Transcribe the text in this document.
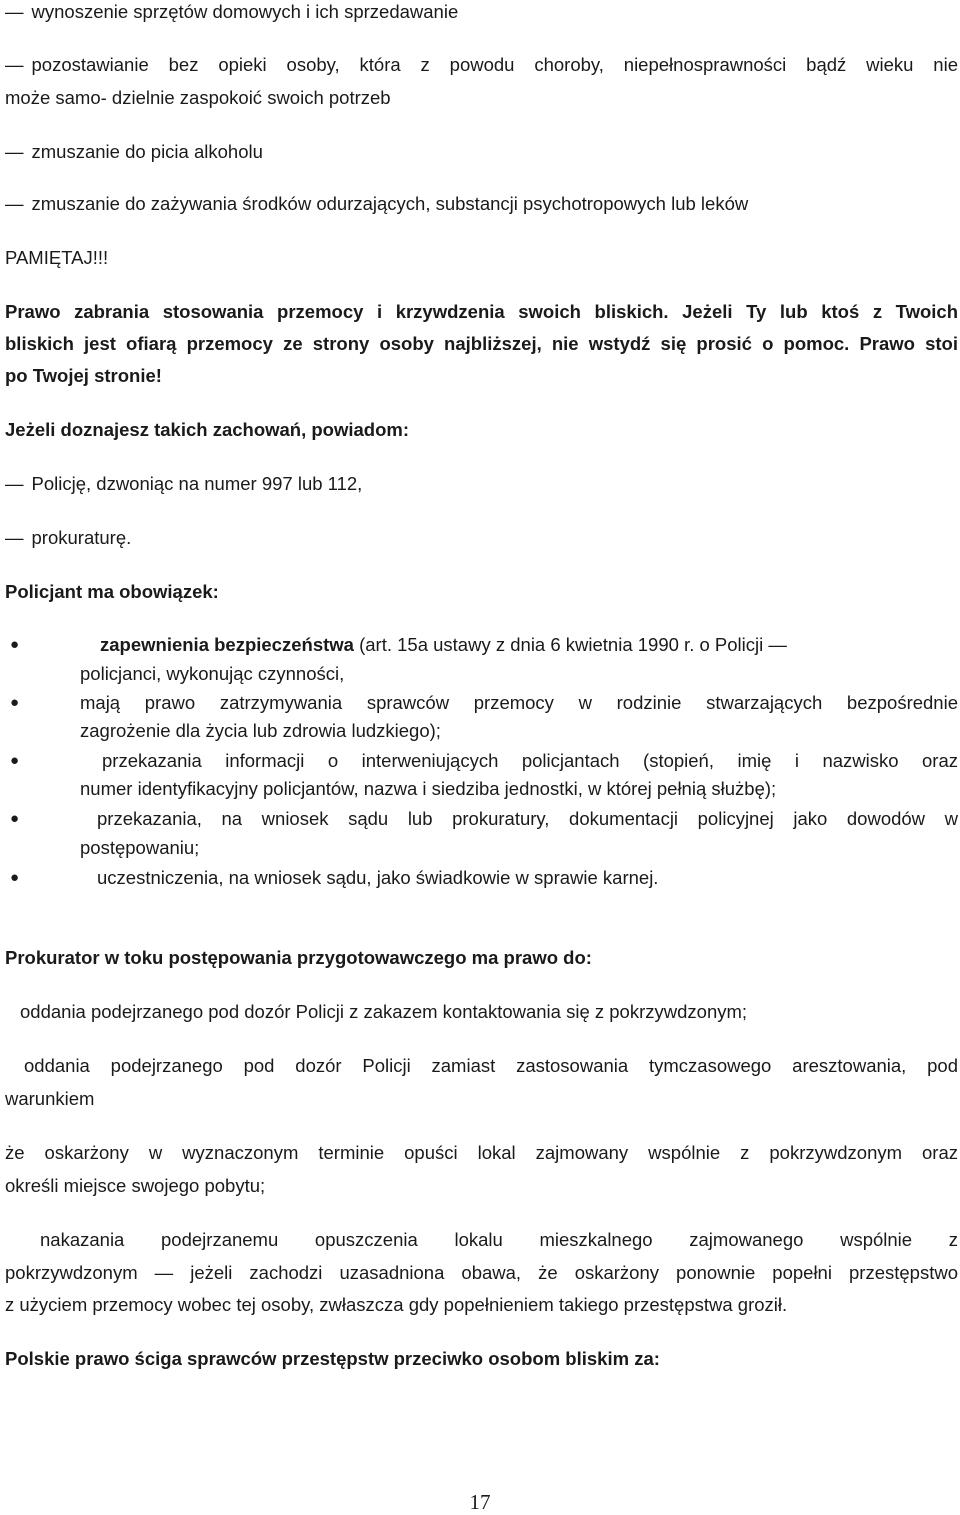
— wynoszenie sprzętów domowych i ich sprzedawanie
— pozostawianie bez opieki osoby, która z powodu choroby, niepełnosprawności bądź wieku nie
może samo- dzielnie zaspokoić swoich potrzeb
— zmuszanie do picia alkoholu
— zmuszanie do zażywania środków odurzających, substancji psychotropowych lub leków
PAMIĘTAJ!!!
Prawo zabrania stosowania przemocy i krzywdzenia swoich bliskich. Jeżeli Ty lub ktoś z Twoich
bliskich jest ofiarą przemocy ze strony osoby najbliższej, nie wstydź się prosić o pomoc. Prawo stoi
po Twojej stronie!
Jeżeli doznajesz takich zachowań, powiadom:
— Policję, dzwoniąc na numer 997 lub 112,
— prokuraturę.
Policjant ma obowiązek:
●	zapewnienia bezpieczeństwa (art. 15a ustawy z dnia 6 kwietnia 1990 r. o Policji —
policjanci, wykonując czynności,
●	mają prawo zatrzymywania sprawców przemocy w rodzinie stwarzających bezpośrednie
zagrożenie dla życia lub zdrowia ludzkiego);
●	przekazania informacji o interweniujących policjantach (stopień, imię i nazwisko oraz
numer identyfikacyjny policjantów, nazwa i siedziba jednostki, w której pełnią służbę);
●	przekazania, na wniosek sądu lub prokuratury, dokumentacji policyjnej jako dowodów w
postępowaniu;
●	uczestniczenia, na wniosek sądu, jako świadkowie w sprawie karnej.
Prokurator w toku postępowania przygotowawczego ma prawo do:
oddania podejrzanego pod dozór Policji z zakazem kontaktowania się z pokrzywdzonym;
oddania podejrzanego pod dozór Policji zamiast zastosowania tymczasowego aresztowania, pod
warunkiem
że oskarżony w wyznaczonym terminie opuści lokal zajmowany wspólnie z pokrzywdzonym oraz
określi miejsce swojego pobytu;
nakazania podejrzanemu opuszczenia lokalu mieszkalnego zajmowanego wspólnie z
pokrzywdzonym — jeżeli zachodzi uzasadniona obawa, że oskarżony ponownie popełni przestępstwo
z użyciem przemocy wobec tej osoby, zwłaszcza gdy popełnieniem takiego przestępstwa groził.
Polskie prawo ściga sprawców przestępstw przeciwko osobom bliskim za:
17
